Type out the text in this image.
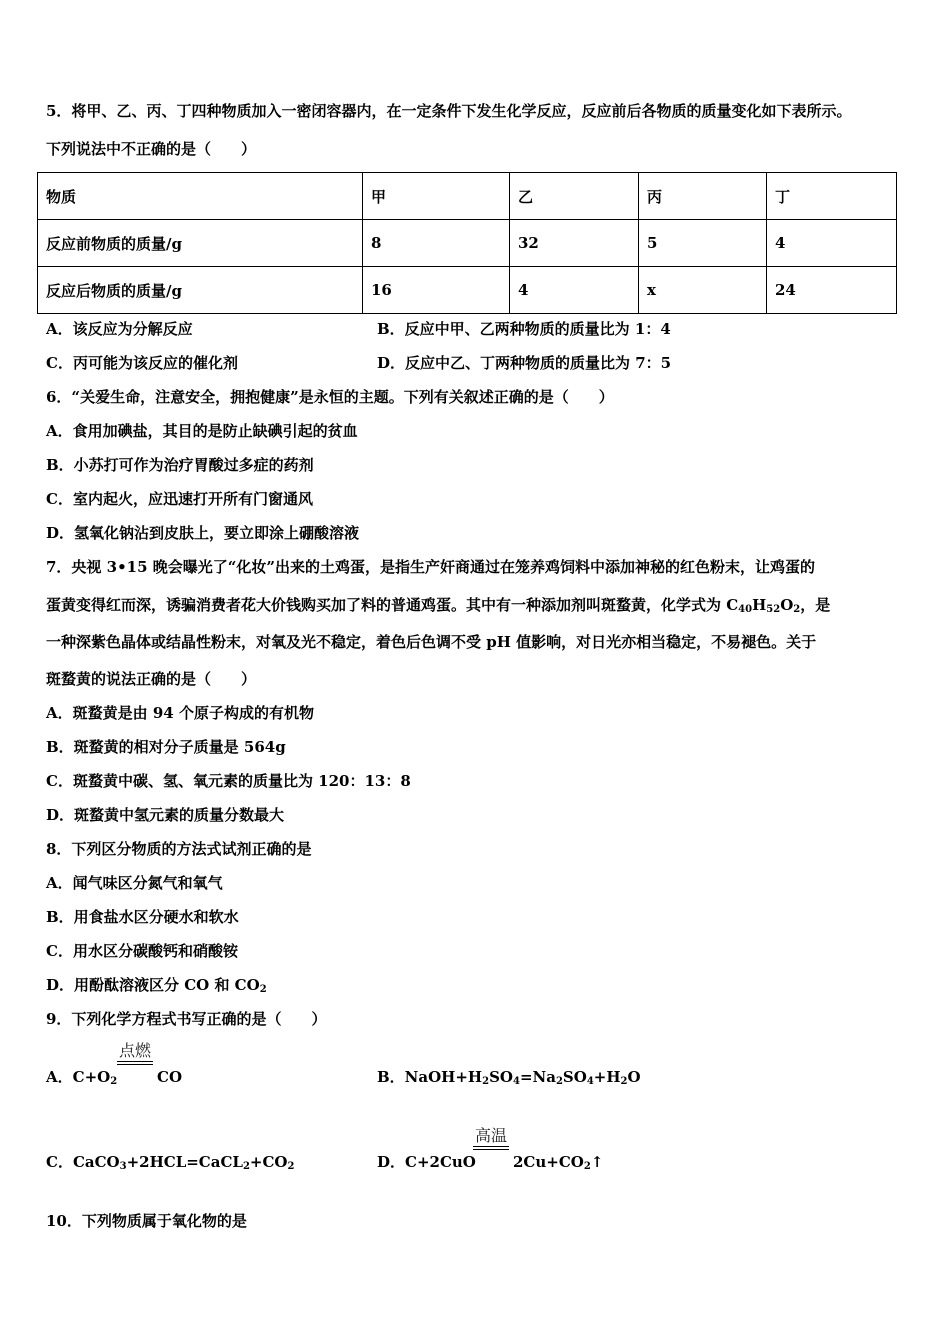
5．将甲、乙、丙、丁四种物质加入一密闭容器内，在一定条件下发生化学反应，反应前后各物质的质量变化如下表所示。
下列说法中不正确的是（　　）
物质	甲	乙	丙	丁
反应前物质的质量/g	8	32	5	4
反应后物质的质量/g	16	4	x	24
A．该反应为分解反应	B．反应中甲、乙两种物质的质量比为 1：4
C．丙可能为该反应的催化剂	D．反应中乙、丁两种物质的质量比为 7：5
6．“关爱生命，注意安全，拥抱健康”是永恒的主题。下列有关叙述正确的是（　　）
A．食用加碘盐，其目的是防止缺碘引起的贫血
B．小苏打可作为治疗胃酸过多症的药剂
C．室内起火，应迅速打开所有门窗通风
D．氢氧化钠沾到皮肤上，要立即涂上硼酸溶液
7．央视 3•15 晚会曝光了“化妆”出来的土鸡蛋，是指生产奸商通过在笼养鸡饲料中添加神秘的红色粉末，让鸡蛋的
蛋黄变得红而深，诱骗消费者花大价钱购买加了料的普通鸡蛋。其中有一种添加剂叫斑蝥黄，化学式为 $C_{40}H_{52}O_2$，是
一种深紫色晶体或结晶性粉末，对氧及光不稳定，着色后色调不受 pH 值影响，对日光亦相当稳定，不易褪色。关于
斑蝥黄的说法正确的是（　　）
A．斑蝥黄是由 94 个原子构成的有机物
B．斑蝥黄的相对分子质量是 564g
C．斑蝥黄中碳、氢、氧元素的质量比为 120：13：8
D．斑蝥黄中氢元素的质量分数最大
8．下列区分物质的方法式试剂正确的是
A．闻气味区分氮气和氧气
B．用食盐水区分硬水和软水
C．用水区分碳酸钙和硝酸铵
D．用酚酞溶液区分 CO 和 $CO_2$
9．下列化学方程式书写正确的是（　　）
A．$C+O_2$
点燃
CO	B．$NaOH+H_2SO_4=Na_2SO_4+H_2O$
C．$CaCO_3+2HCL=CaCL_2+CO_2$	D．C+2CuO
高温
$2Cu+CO_2↑$
10．下列物质属于氧化物的是
